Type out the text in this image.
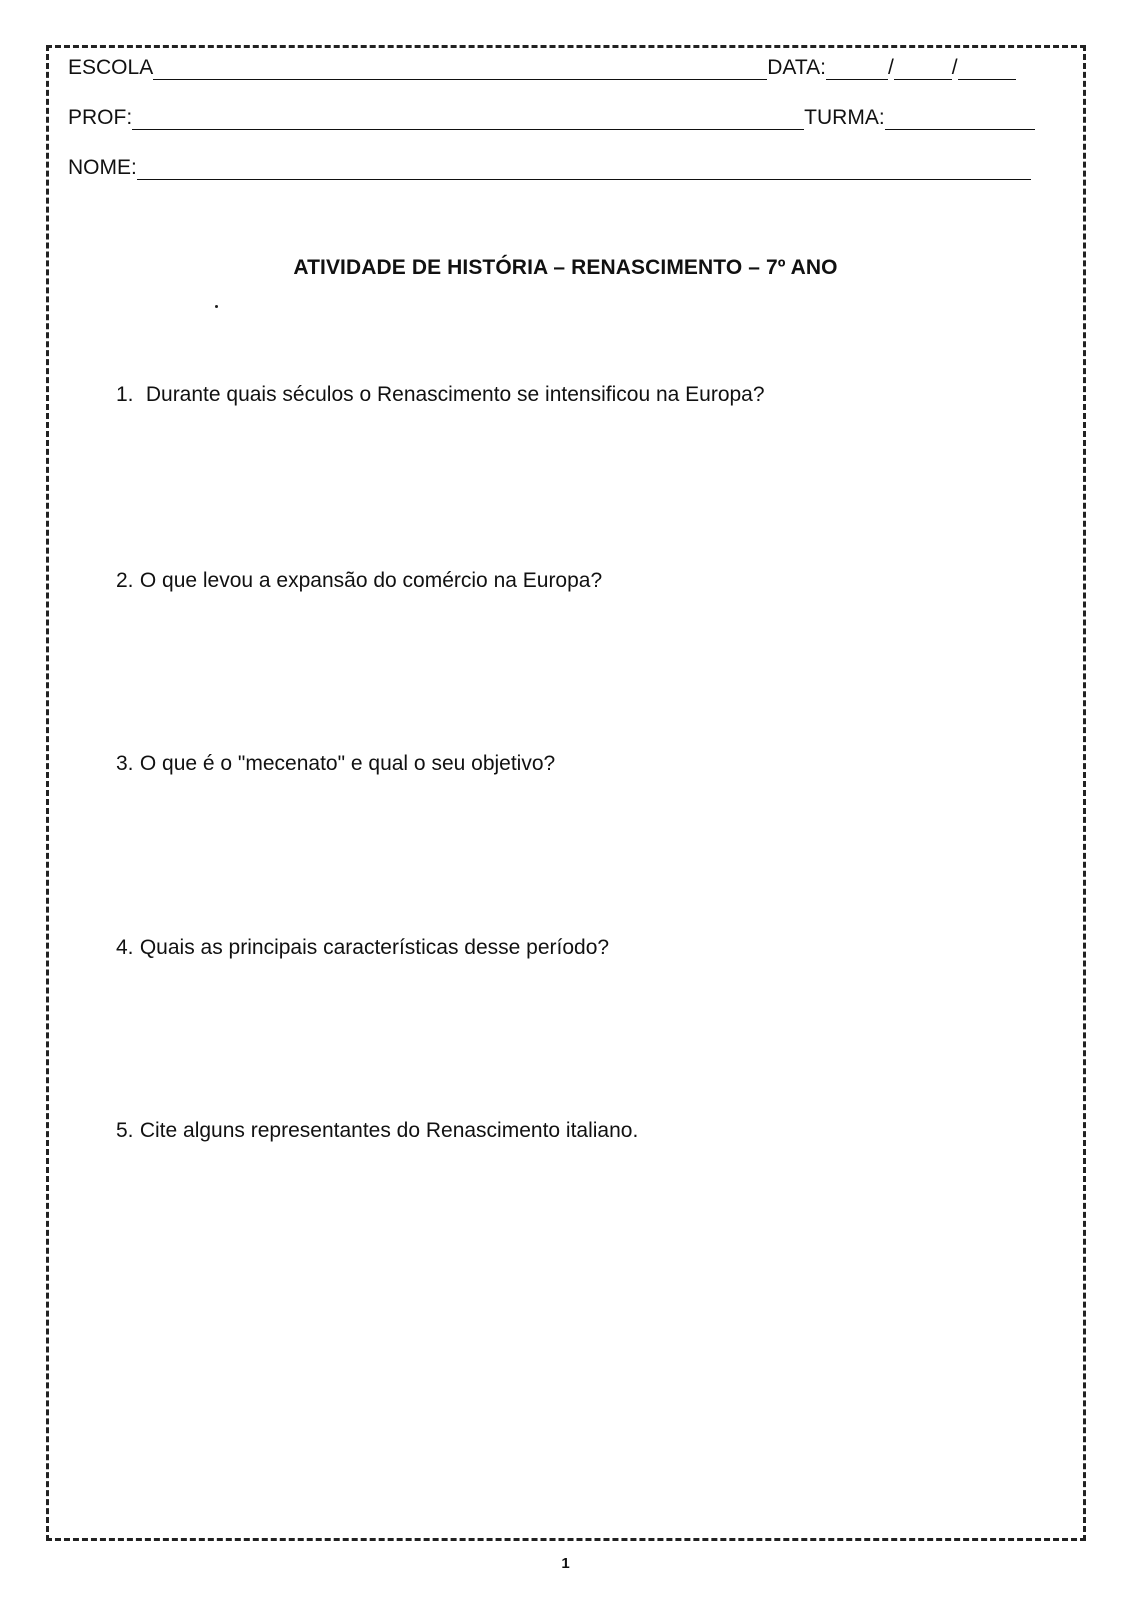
ESCOLA	DATA:	/	/
PROF:	TURMA:
NOME:
ATIVIDADE DE HISTÓRIA – RENASCIMENTO – 7º ANO
1. Durante quais séculos o Renascimento se intensificou na Europa?
2. O que levou a expansão do comércio na Europa?
3. O que é o "mecenato" e qual o seu objetivo?
4. Quais as principais características desse período?
5. Cite alguns representantes do Renascimento italiano.
1
